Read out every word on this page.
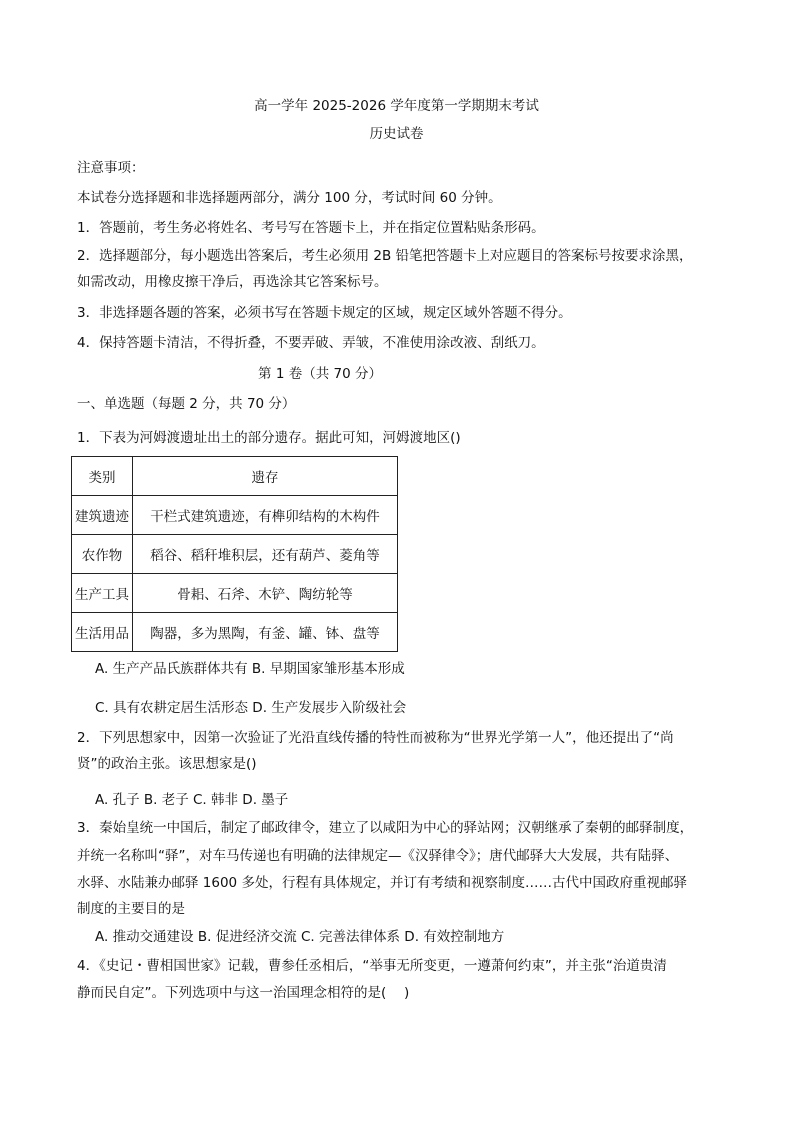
高一学年 2025-2026 学年度第一学期期末考试
历史试卷
注意事项：
本试卷分选择题和非选择题两部分，满分 100 分，考试时间 60 分钟。
1．答题前，考生务必将姓名、考号写在答题卡上，并在指定位置粘贴条形码。
2．选择题部分，每小题选出答案后，考生必须用 2B 铅笔把答题卡上对应题目的答案标号按要求涂黑，
如需改动，用橡皮擦干净后，再选涂其它答案标号。
3．非选择题各题的答案，必须书写在答题卡规定的区域，规定区域外答题不得分。
4．保持答题卡清洁，不得折叠，不要弄破、弄皱，不准使用涂改液、刮纸刀。
第 1 卷（共 70 分）
一、单选题（每题 2 分，共 70 分）
1．下表为河姆渡遗址出土的部分遗存。据此可知，河姆渡地区()
类别	遗存
建筑遗迹	干栏式建筑遗迹，有榫卯结构的木构件
农作物	稻谷、稻秆堆积层，还有葫芦、菱角等
生产工具	骨耜、石斧、木铲、陶纺轮等
生活用品	陶器，多为黑陶，有釜、罐、钵、盘等
A. 生产产品氏族群体共有 B. 早期国家雏形基本形成
C. 具有农耕定居生活形态 D. 生产发展步入阶级社会
2．下列思想家中，因第一次验证了光沿直线传播的特性而被称为“世界光学第一人”，他还提出了“尚
贤”的政治主张。该思想家是()
A. 孔子 B. 老子 C. 韩非 D. 墨子
3．秦始皇统一中国后，制定了邮政律令，建立了以咸阳为中心的驿站网；汉朝继承了秦朝的邮驿制度，
并统一名称叫“驿”，对车马传递也有明确的法律规定—《汉驿律令》；唐代邮驿大大发展，共有陆驿、
水驿、水陆兼办邮驿 1600 多处，行程有具体规定，并订有考绩和视察制度……古代中国政府重视邮驿
制度的主要目的是
A. 推动交通建设 B. 促进经济交流 C. 完善法律体系 D. 有效控制地方
4．《史记・曹相国世家》记载，曹参任丞相后，“举事无所变更，一遵萧何约束”，并主张“治道贵清
静而民自定”。下列选项中与这一治国理念相符的是(　 )
